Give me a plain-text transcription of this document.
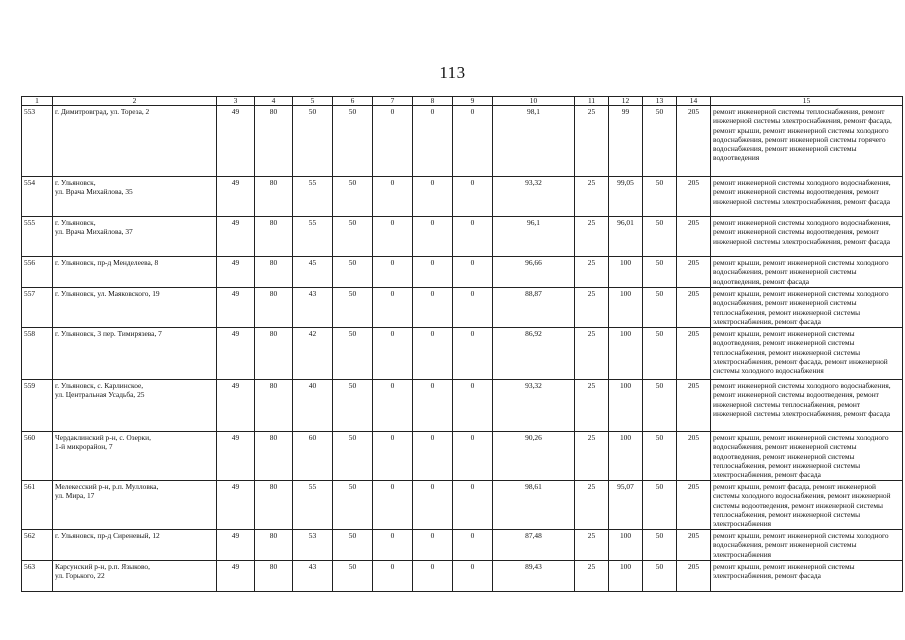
113
1	2	3	4	5	6	7	8	9	10	11	12	13	14	15
553	г. Димитровград, ул. Тореза, 2	49	80	50	50	0	0	0	98,1	25	99	50	205	ремонт инженерной системы теплоснабжения, ремонт инженерной системы электроснабжения, ремонт фасада, ремонт крыши, ремонт инженерной системы холодного водоснабжения, ремонт инженерной системы горячего водоснабжения, ремонт инженерной системы водоотведения
554	г. Ульяновск,
ул. Врача Михайлова, 35	49	80	55	50	0	0	0	93,32	25	99,05	50	205	ремонт инженерной системы холодного водоснабжения, ремонт инженерной системы водоотведения, ремонт инженерной системы электроснабжения, ремонт фасада
555	г. Ульяновск,
ул. Врача Михайлова, 37	49	80	55	50	0	0	0	96,1	25	96,01	50	205	ремонт инженерной системы холодного водоснабжения, ремонт инженерной системы водоотведения, ремонт инженерной системы электроснабжения, ремонт фасада
556	г. Ульяновск, пр-д Менделеева, 8	49	80	45	50	0	0	0	96,66	25	100	50	205	ремонт крыши, ремонт инженерной системы холодного водоснабжения, ремонт инженерной системы водоотведения, ремонт фасада
557	г. Ульяновск, ул. Маяковского, 19	49	80	43	50	0	0	0	88,87	25	100	50	205	ремонт крыши, ремонт инженерной системы холодного водоснабжения, ремонт инженерной системы теплоснабжения, ремонт инженерной системы электроснабжения, ремонт фасада
558	г. Ульяновск, 3 пер. Тимирязева, 7	49	80	42	50	0	0	0	86,92	25	100	50	205	ремонт крыши, ремонт инженерной системы водоотведения, ремонт инженерной системы теплоснабжения, ремонт инженерной системы электроснабжения, ремонт фасада, ремонт инженерной системы холодного водоснабжения
559	г. Ульяновск, с. Карлинское,
ул. Центральная Усадьба, 25	49	80	40	50	0	0	0	93,32	25	100	50	205	ремонт инженерной системы холодного водоснабжения, ремонт инженерной системы водоотведения, ремонт инженерной системы теплоснабжения, ремонт инженерной системы электроснабжения, ремонт фасада
560	Чердаклинский р-н, с. Озерки,
1-й микрорайон, 7	49	80	60	50	0	0	0	90,26	25	100	50	205	ремонт крыши, ремонт инженерной системы холодного водоснабжения, ремонт инженерной системы водоотведения, ремонт инженерной системы теплоснабжения, ремонт инженерной системы электроснабжения, ремонт фасада
561	Мелекесский р-н, р.п. Мулловка,
ул. Мира, 17	49	80	55	50	0	0	0	98,61	25	95,07	50	205	ремонт крыши, ремонт фасада, ремонт инженерной системы холодного водоснабжения, ремонт инженерной системы водоотведения, ремонт инженерной системы теплоснабжения, ремонт инженерной системы электроснабжения
562	г. Ульяновск, пр-д Сиреневый, 12	49	80	53	50	0	0	0	87,48	25	100	50	205	ремонт крыши, ремонт инженерной системы холодного водоснабжения, ремонт инженерной системы электроснабжения
563	Карсунский р-н, р.п. Языково,
ул. Горького, 22	49	80	43	50	0	0	0	89,43	25	100	50	205	ремонт крыши, ремонт инженерной системы электроснабжения, ремонт фасада
